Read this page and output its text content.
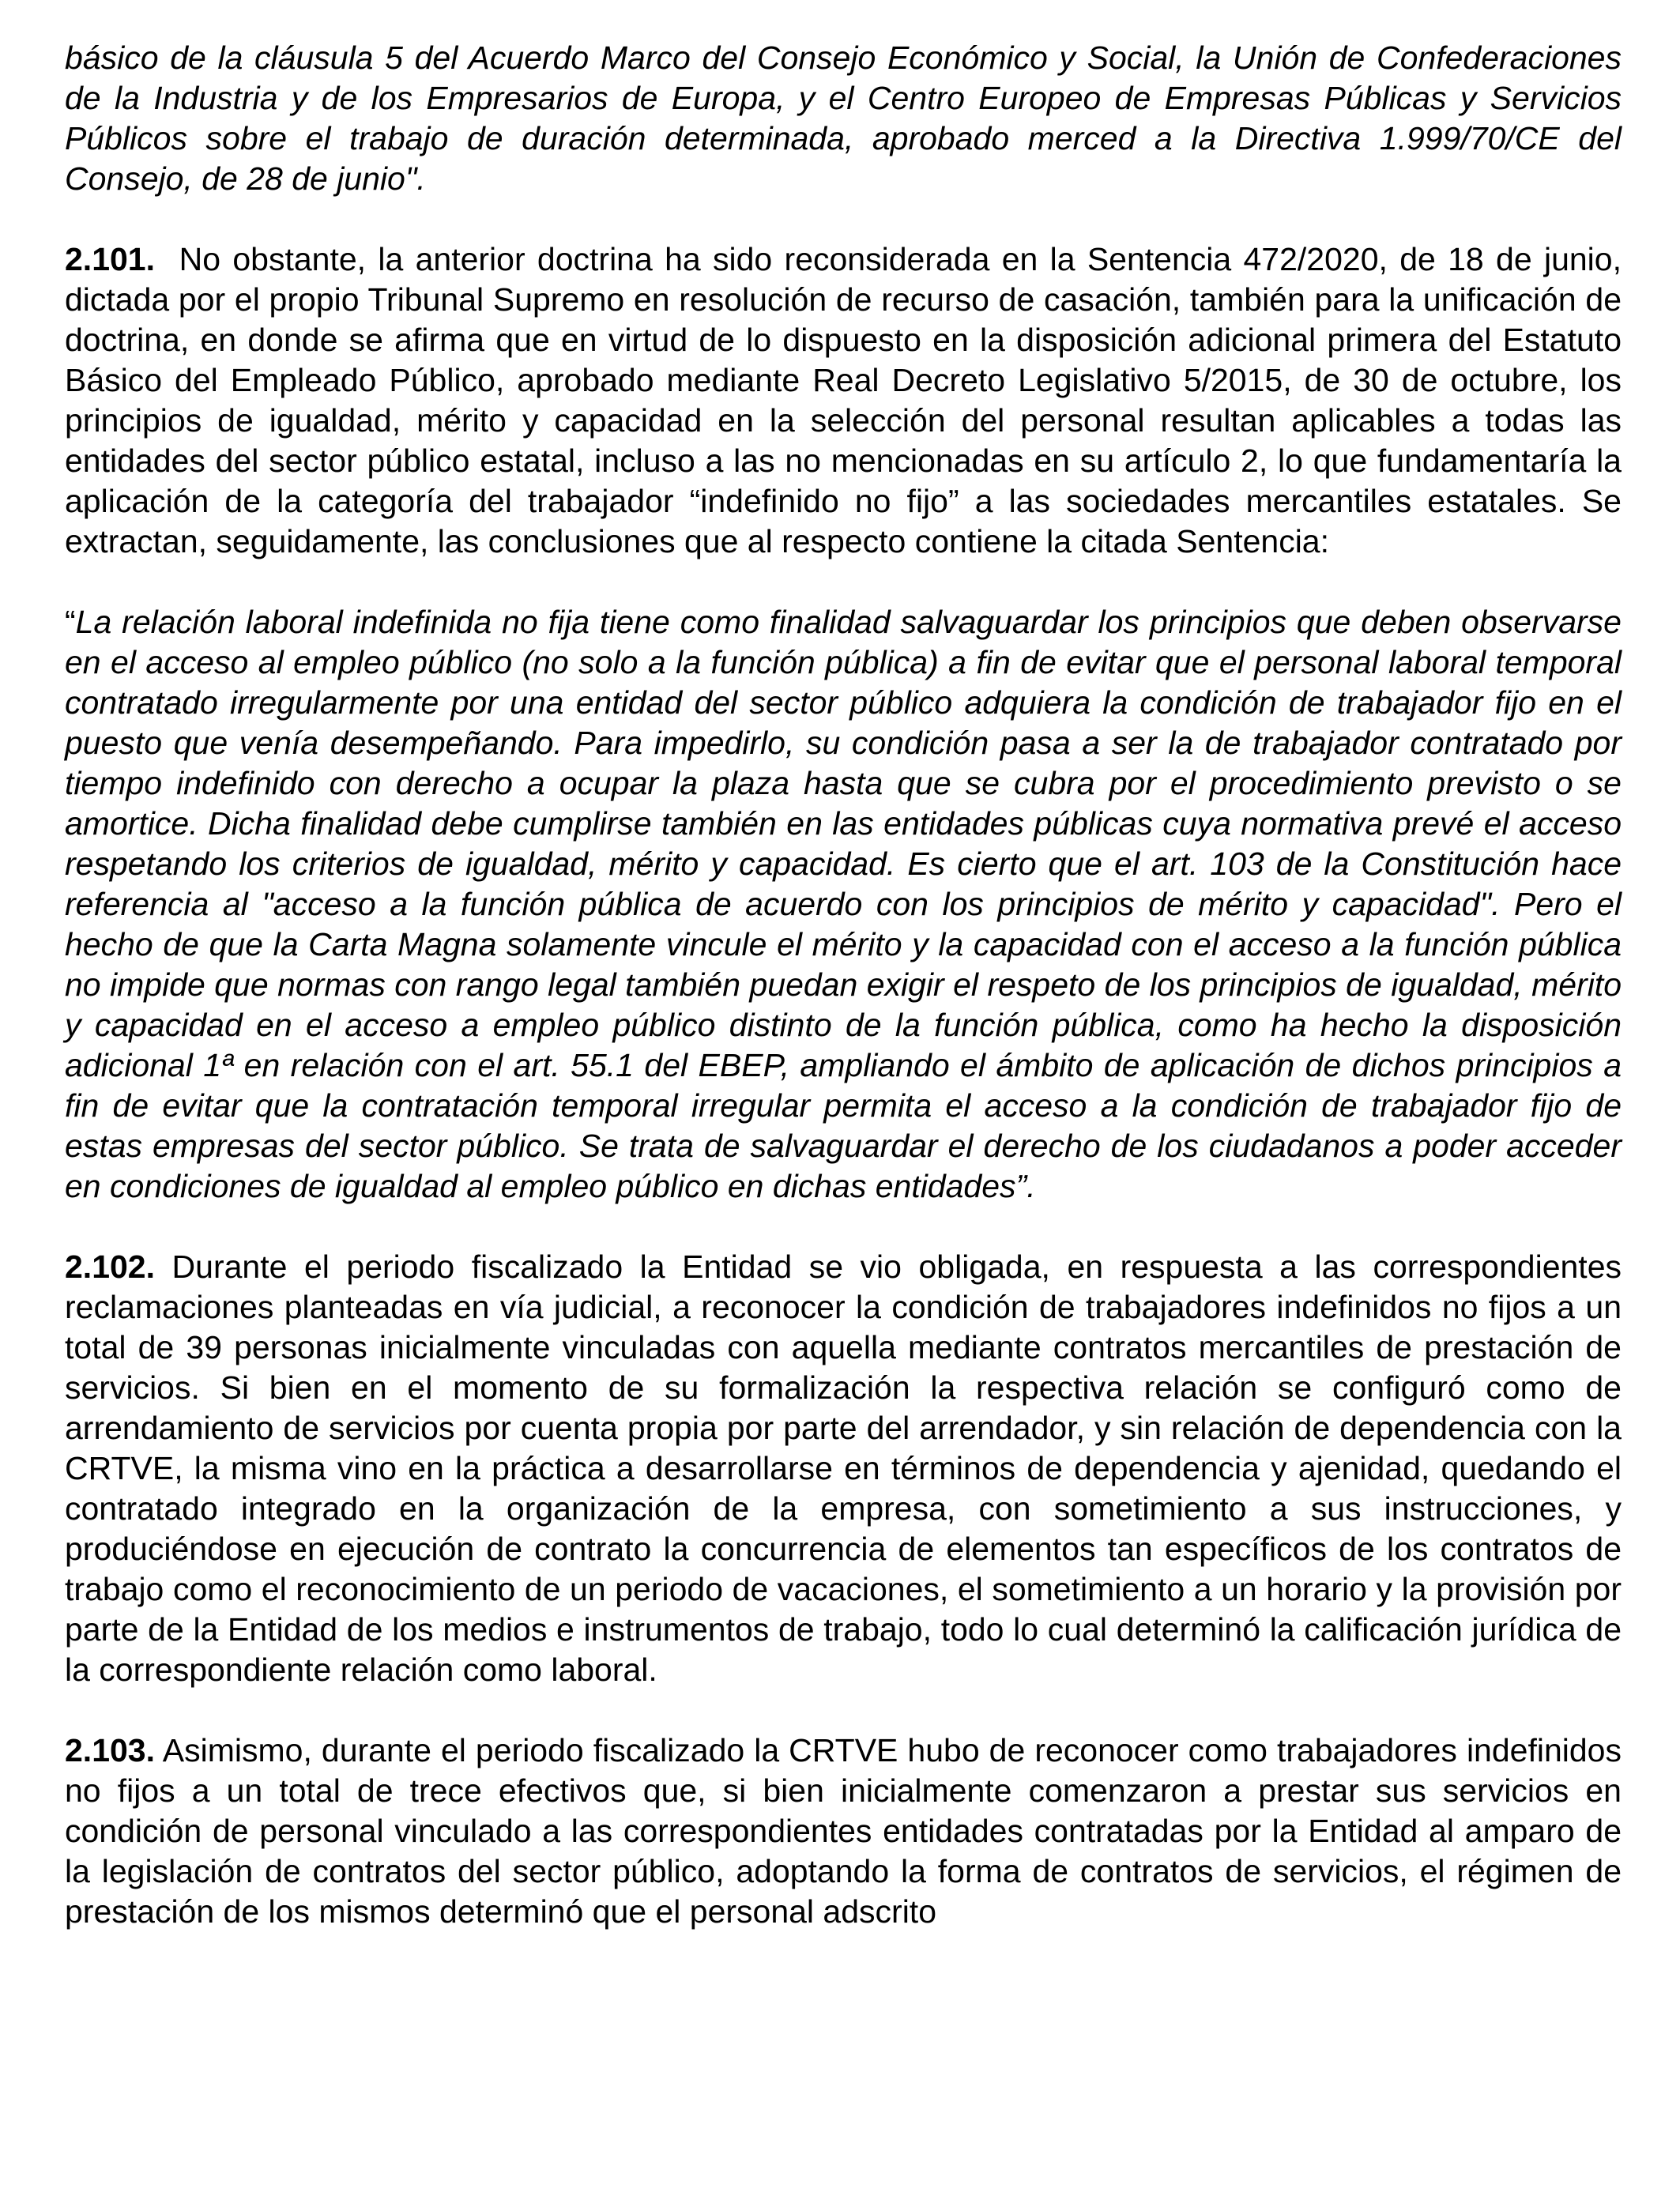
básico de la cláusula 5 del Acuerdo Marco del Consejo Económico y Social, la Unión de Confederaciones de la Industria y de los Empresarios de Europa, y el Centro Europeo de Empresas Públicas y Servicios Públicos sobre el trabajo de duración determinada, aprobado merced a la Directiva 1.999/70/CE del Consejo, de 28 de junio".

2.101. No obstante, la anterior doctrina ha sido reconsiderada en la Sentencia 472/2020, de 18 de junio, dictada por el propio Tribunal Supremo en resolución de recurso de casación, también para la unificación de doctrina, en donde se afirma que en virtud de lo dispuesto en la disposición adicional primera del Estatuto Básico del Empleado Público, aprobado mediante Real Decreto Legislativo 5/2015, de 30 de octubre, los principios de igualdad, mérito y capacidad en la selección del personal resultan aplicables a todas las entidades del sector público estatal, incluso a las no mencionadas en su artículo 2, lo que fundamentaría la aplicación de la categoría del trabajador “indefinido no fijo” a las sociedades mercantiles estatales. Se extractan, seguidamente, las conclusiones que al respecto contiene la citada Sentencia:

“La relación laboral indefinida no fija tiene como finalidad salvaguardar los principios que deben observarse en el acceso al empleo público (no solo a la función pública) a fin de evitar que el personal laboral temporal contratado irregularmente por una entidad del sector público adquiera la condición de trabajador fijo en el puesto que venía desempeñando. Para impedirlo, su condición pasa a ser la de trabajador contratado por tiempo indefinido con derecho a ocupar la plaza hasta que se cubra por el procedimiento previsto o se amortice. Dicha finalidad debe cumplirse también en las entidades públicas cuya normativa prevé el acceso respetando los criterios de igualdad, mérito y capacidad. Es cierto que el art. 103 de la Constitución hace referencia al "acceso a la función pública de acuerdo con los principios de mérito y capacidad". Pero el hecho de que la Carta Magna solamente vincule el mérito y la capacidad con el acceso a la función pública no impide que normas con rango legal también puedan exigir el respeto de los principios de igualdad, mérito y capacidad en el acceso a empleo público distinto de la función pública, como ha hecho la disposición adicional 1ª en relación con el art. 55.1 del EBEP, ampliando el ámbito de aplicación de dichos principios a fin de evitar que la contratación temporal irregular permita el acceso a la condición de trabajador fijo de estas empresas del sector público. Se trata de salvaguardar el derecho de los ciudadanos a poder acceder en condiciones de igualdad al empleo público en dichas entidades”.

2.102. Durante el periodo fiscalizado la Entidad se vio obligada, en respuesta a las correspondientes reclamaciones planteadas en vía judicial, a reconocer la condición de trabajadores indefinidos no fijos a un total de 39 personas inicialmente vinculadas con aquella mediante contratos mercantiles de prestación de servicios. Si bien en el momento de su formalización la respectiva relación se configuró como de arrendamiento de servicios por cuenta propia por parte del arrendador, y sin relación de dependencia con la CRTVE, la misma vino en la práctica a desarrollarse en términos de dependencia y ajenidad, quedando el contratado integrado en la organización de la empresa, con sometimiento a sus instrucciones, y produciéndose en ejecución de contrato la concurrencia de elementos tan específicos de los contratos de trabajo como el reconocimiento de un periodo de vacaciones, el sometimiento a un horario y la provisión por parte de la Entidad de los medios e instrumentos de trabajo, todo lo cual determinó la calificación jurídica de la correspondiente relación como laboral.

2.103. Asimismo, durante el periodo fiscalizado la CRTVE hubo de reconocer como trabajadores indefinidos no fijos a un total de trece efectivos que, si bien inicialmente comenzaron a prestar sus servicios en condición de personal vinculado a las correspondientes entidades contratadas por la Entidad al amparo de la legislación de contratos del sector público, adoptando la forma de contratos de servicios, el régimen de prestación de los mismos determinó que el personal adscrito
